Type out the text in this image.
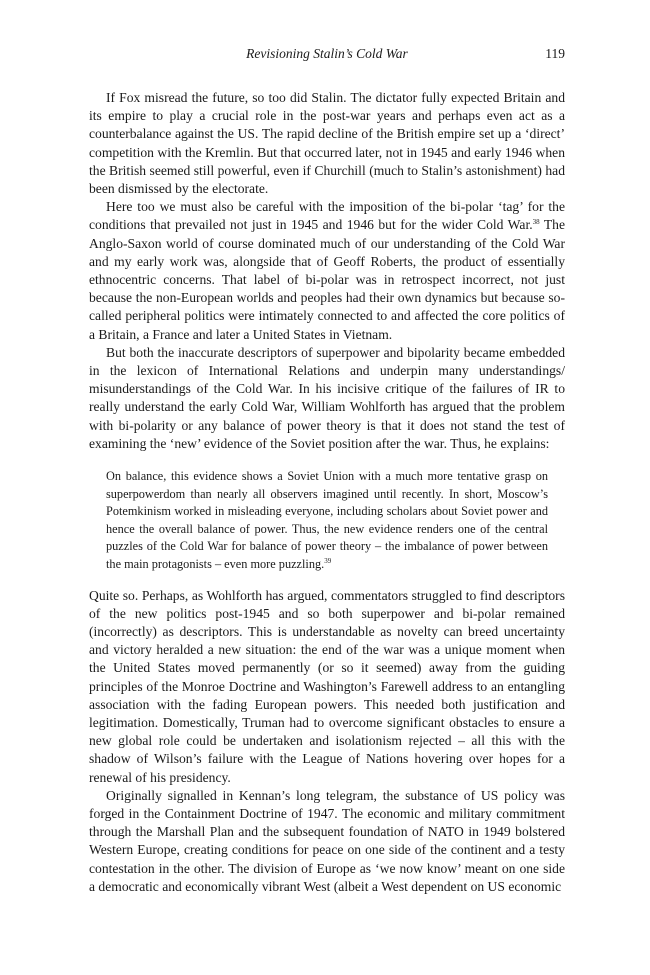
Revisioning Stalin’s Cold War	119

If Fox misread the future, so too did Stalin. The dictator fully expected Britain and its empire to play a crucial role in the post-war years and perhaps even act as a counterbalance against the US. The rapid decline of the British empire set up a ‘direct’ competition with the Kremlin. But that occurred later, not in 1945 and early 1946 when the British seemed still powerful, even if Churchill (much to Stalin’s astonishment) had been dismissed by the electorate.

Here too we must also be careful with the imposition of the bi-polar ‘tag’ for the conditions that prevailed not just in 1945 and 1946 but for the wider Cold War.$^{38}$ The Anglo-Saxon world of course dominated much of our understanding of the Cold War and my early work was, alongside that of Geoff Roberts, the product of essentially ethnocentric concerns. That label of bi-polar was in retrospect incorrect, not just because the non-European worlds and peoples had their own dynamics but because so-called peripheral politics were intimately connected to and affected the core politics of a Britain, a France and later a United States in Vietnam.

But both the inaccurate descriptors of superpower and bipolarity became embedded in the lexicon of International Relations and underpin many understandings/ misunderstandings of the Cold War. In his incisive critique of the failures of IR to really understand the early Cold War, William Wohlforth has argued that the problem with bi-polarity or any balance of power theory is that it does not stand the test of examining the ‘new’ evidence of the Soviet position after the war. Thus, he explains:

On balance, this evidence shows a Soviet Union with a much more tentative grasp on superpowerdom than nearly all observers imagined until recently. In short, Moscow’s Potemkinism worked in misleading everyone, including scholars about Soviet power and hence the overall balance of power. Thus, the new evidence renders one of the central puzzles of the Cold War for balance of power theory – the imbalance of power between the main protagonists – even more puzzling.$^{39}$

Quite so. Perhaps, as Wohlforth has argued, commentators struggled to find descriptors of the new politics post-1945 and so both superpower and bi-polar remained (incorrectly) as descriptors. This is understandable as novelty can breed uncertainty and victory heralded a new situation: the end of the war was a unique moment when the United States moved permanently (or so it seemed) away from the guiding principles of the Monroe Doctrine and Washington’s Farewell address to an entangling association with the fading European powers. This needed both justification and legitimation. Domestically, Truman had to overcome significant obstacles to ensure a new global role could be undertaken and isolationism rejected – all this with the shadow of Wilson’s failure with the League of Nations hovering over hopes for a renewal of his presidency.

Originally signalled in Kennan’s long telegram, the substance of US policy was forged in the Containment Doctrine of 1947. The economic and military commitment through the Marshall Plan and the subsequent foundation of NATO in 1949 bolstered Western Europe, creating conditions for peace on one side of the continent and a testy contestation in the other. The division of Europe as ‘we now know’ meant on one side a democratic and economically vibrant West (albeit a West dependent on US economic
